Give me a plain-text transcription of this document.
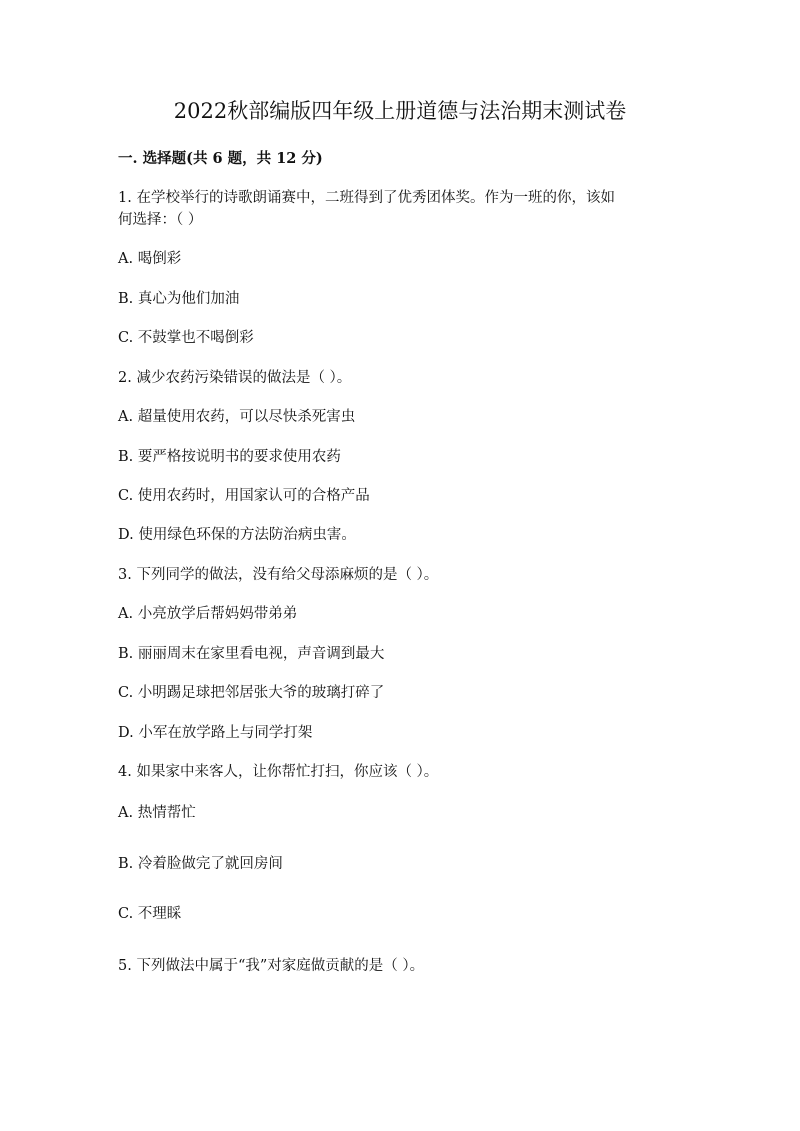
2022秋部编版四年级上册道德与法治期末测试卷
一. 选择题(共 6 题，共 12 分)
1. 在学校举行的诗歌朗诵赛中，二班得到了优秀团体奖。作为一班的你，该如
何选择：（ ）
A. 喝倒彩
B. 真心为他们加油
C. 不鼓掌也不喝倒彩
2. 减少农药污染错误的做法是（ ）。
A. 超量使用农药，可以尽快杀死害虫
B. 要严格按说明书的要求使用农药
C. 使用农药时，用国家认可的合格产品
D. 使用绿色环保的方法防治病虫害。
3. 下列同学的做法，没有给父母添麻烦的是（ ）。
A. 小亮放学后帮妈妈带弟弟
B. 丽丽周末在家里看电视，声音调到最大
C. 小明踢足球把邻居张大爷的玻璃打碎了
D. 小军在放学路上与同学打架
4. 如果家中来客人，让你帮忙打扫，你应该（ ）。
A. 热情帮忙
B. 冷着脸做完了就回房间
C. 不理睬
5. 下列做法中属于“我”对家庭做贡献的是（ ）。
